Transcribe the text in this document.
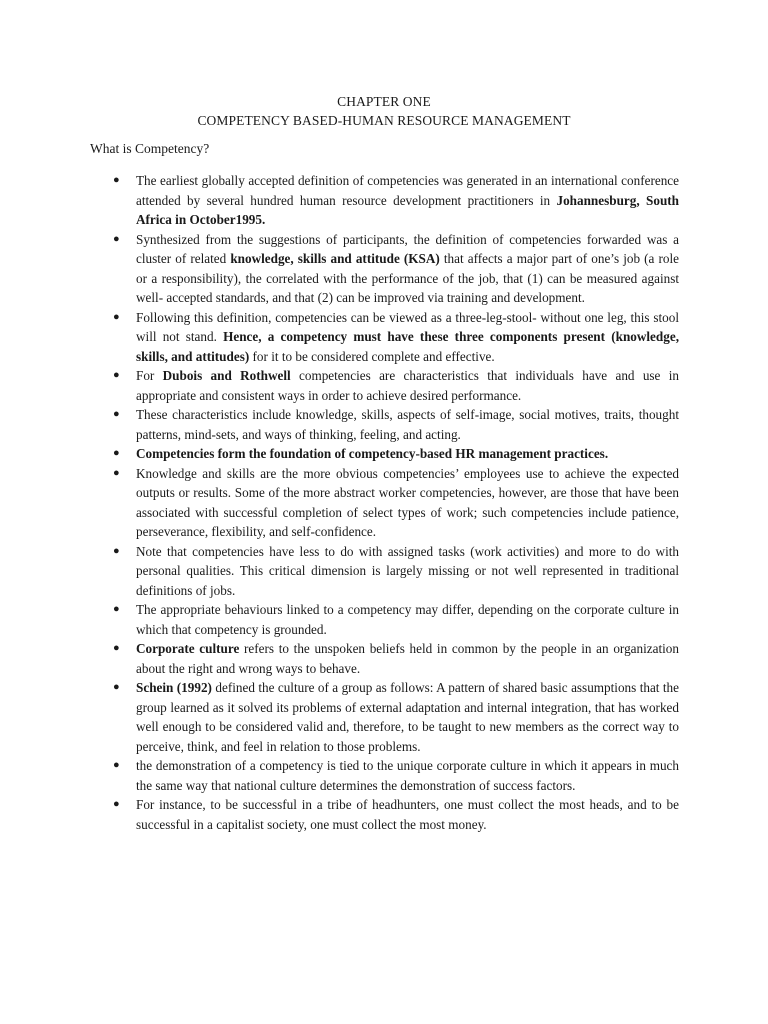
CHAPTER ONE
COMPETENCY BASED-HUMAN RESOURCE MANAGEMENT
What is Competency?
● The earliest globally accepted definition of competencies was generated in an international conference attended by several hundred human resource development practitioners in Johannesburg, South Africa in October1995.
● Synthesized from the suggestions of participants, the definition of competencies forwarded was a cluster of related knowledge, skills and attitude (KSA) that affects a major part of one’s job (a role or a responsibility), the correlated with the performance of the job, that (1) can be measured against well- accepted standards, and that (2) can be improved via training and development.
● Following this definition, competencies can be viewed as a three-leg-stool- without one leg, this stool will not stand. Hence, a competency must have these three components present (knowledge, skills, and attitudes) for it to be considered complete and effective.
● For Dubois and Rothwell competencies are characteristics that individuals have and use in appropriate and consistent ways in order to achieve desired performance.
● These characteristics include knowledge, skills, aspects of self-image, social motives, traits, thought patterns, mind-sets, and ways of thinking, feeling, and acting.
● Competencies form the foundation of competency-based HR management practices.
● Knowledge and skills are the more obvious competencies’ employees use to achieve the expected outputs or results. Some of the more abstract worker competencies, however, are those that have been associated with successful completion of select types of work; such competencies include patience, perseverance, flexibility, and self-confidence.
● Note that competencies have less to do with assigned tasks (work activities) and more to do with personal qualities. This critical dimension is largely missing or not well represented in traditional definitions of jobs.
● The appropriate behaviours linked to a competency may differ, depending on the corporate culture in which that competency is grounded.
● Corporate culture refers to the unspoken beliefs held in common by the people in an organization about the right and wrong ways to behave.
● Schein (1992) defined the culture of a group as follows: A pattern of shared basic assumptions that the group learned as it solved its problems of external adaptation and internal integration, that has worked well enough to be considered valid and, therefore, to be taught to new members as the correct way to perceive, think, and feel in relation to those problems.
● the demonstration of a competency is tied to the unique corporate culture in which it appears in much the same way that national culture determines the demonstration of success factors.
● For instance, to be successful in a tribe of headhunters, one must collect the most heads, and to be successful in a capitalist society, one must collect the most money.
